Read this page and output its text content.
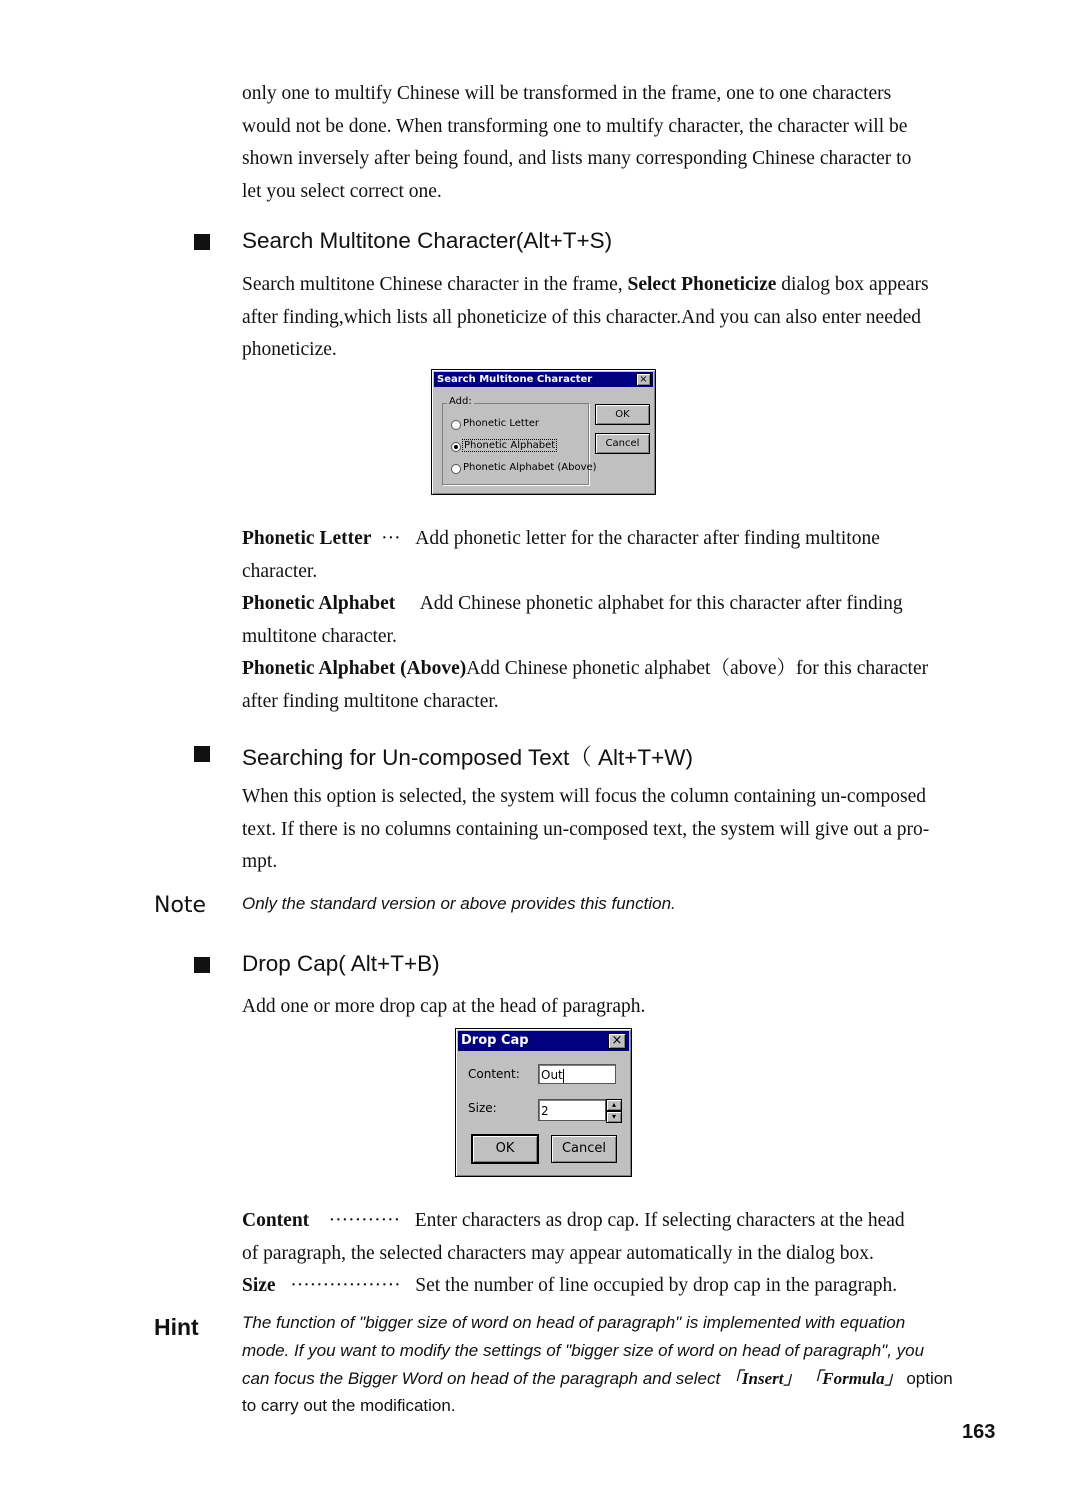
only one to multify Chinese will be transformed in the frame, one to one characters
would not be done. When transforming one to multify character, the character will be
shown inversely after being found, and lists many corresponding Chinese character to
let you select correct one.
Search Multitone Character(Alt+T+S)
Search multitone Chinese character in the frame, Select Phoneticize dialog box appears
after finding,which lists all phoneticize of this character.And you can also enter needed
phoneticize.
Search Multitone Character	×
Add:
Phonetic Letter
Phonetic Alphabet
Phonetic Alphabet (Above)
OK
Cancel
Phonetic Letter ··· Add phonetic letter for the character after finding multitone
character.
Phonetic Alphabet Add Chinese phonetic alphabet for this character after finding
multitone character.
Phonetic Alphabet (Above)Add Chinese phonetic alphabet（above）for this character
after finding multitone character.
Searching for Un-composed Text（ Alt+T+W)
When this option is selected, the system will focus the column containing un-composed
text. If there is no columns containing un-composed text, the system will give out a pro-
mpt.
Note Only the standard version or above provides this function.
Drop Cap( Alt+T+B)
Add one or more drop cap at the head of paragraph.
Drop Cap	×
Content: Out
Size:	2	▴
▾
OK	Cancel
Content ··········· Enter characters as drop cap. If selecting characters at the head
of paragraph, the selected characters may appear automatically in the dialog box.
Size ················· Set the number of line occupied by drop cap in the paragraph.
Hint	The function of "bigger size of word on head of paragraph" is implemented with equation
mode. If you want to modify the settings of "bigger size of word on head of paragraph", you
can focus the Bigger Word on head of the paragraph and select 「Insert」 「Formula」 option
to carry out the modification.
163
